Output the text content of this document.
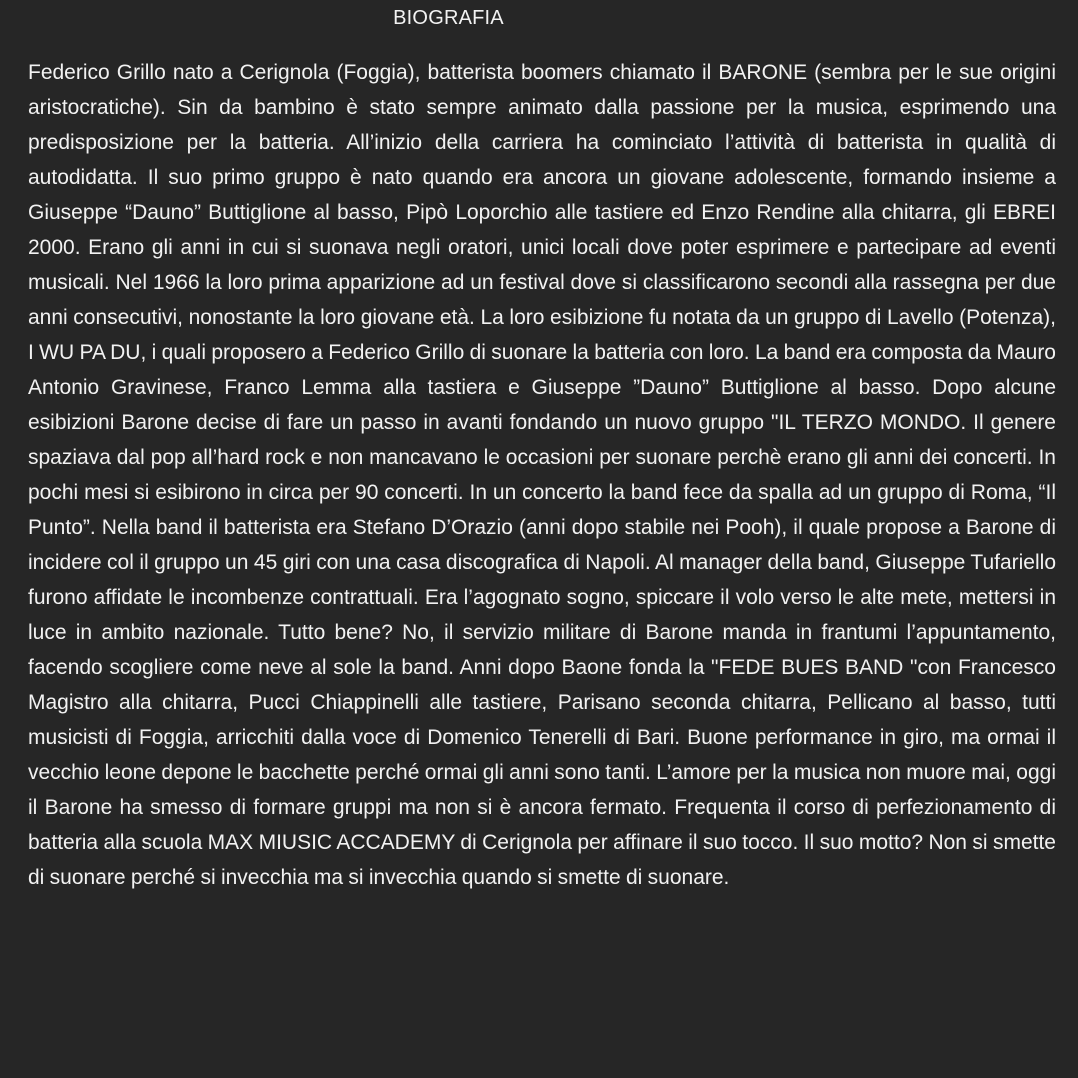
BIOGRAFIA

Federico Grillo nato a Cerignola (Foggia), batterista boomers chiamato il BARONE (sembra per le sue origini aristocratiche). Sin da bambino è stato sempre animato dalla passione per la musica, esprimendo una predisposizione per la batteria. All’inizio della carriera ha cominciato l’attività di batterista in qualità di autodidatta. Il suo primo gruppo è nato quando era ancora un giovane adolescente, formando insieme a Giuseppe “Dauno” Buttiglione al basso, Pipò Loporchio alle tastiere ed Enzo Rendine alla chitarra, gli EBREI 2000. Erano gli anni in cui si suonava negli oratori, unici locali dove poter esprimere e partecipare ad eventi musicali. Nel 1966 la loro prima apparizione ad un festival dove si classificarono secondi alla rassegna per due anni consecutivi, nonostante la loro giovane età. La loro esibizione fu notata da un gruppo di Lavello (Potenza), I WU PA DU, i quali proposero a Federico Grillo di suonare la batteria con loro. La band era composta da Mauro Antonio Gravinese, Franco Lemma alla tastiera e Giuseppe ”Dauno” Buttiglione al basso. Dopo alcune esibizioni Barone decise di fare un passo in avanti fondando un nuovo gruppo "IL TERZO MONDO. Il genere spaziava dal pop all’hard rock e non mancavano le occasioni per suonare perchè erano gli anni dei concerti. In pochi mesi si esibirono in circa per 90 concerti. In un concerto la band fece da spalla ad un gruppo di Roma, “Il Punto”. Nella band il batterista era Stefano D’Orazio (anni dopo stabile nei Pooh), il quale propose a Barone di incidere col il gruppo un 45 giri con una casa discografica di Napoli. Al manager della band, Giuseppe Tufariello furono affidate le incombenze contrattuali. Era l’agognato sogno, spiccare il volo verso le alte mete, mettersi in luce in ambito nazionale. Tutto bene? No, il servizio militare di Barone manda in frantumi l’appuntamento, facendo scogliere come neve al sole la band. Anni dopo Baone fonda la "FEDE BUES BAND "con Francesco Magistro alla chitarra, Pucci Chiappinelli alle tastiere, Parisano seconda chitarra, Pellicano al basso, tutti musicisti di Foggia, arricchiti dalla voce di Domenico Tenerelli di Bari. Buone performance in giro, ma ormai il vecchio leone depone le bacchette perché ormai gli anni sono tanti. L’amore per la musica non muore mai, oggi il Barone ha smesso di formare gruppi ma non si è ancora fermato. Frequenta il corso di perfezionamento di batteria alla scuola MAX MIUSIC ACCADEMY di Cerignola per affinare il suo tocco. Il suo motto? Non si smette di suonare perché si invecchia ma si invecchia quando si smette di suonare.
